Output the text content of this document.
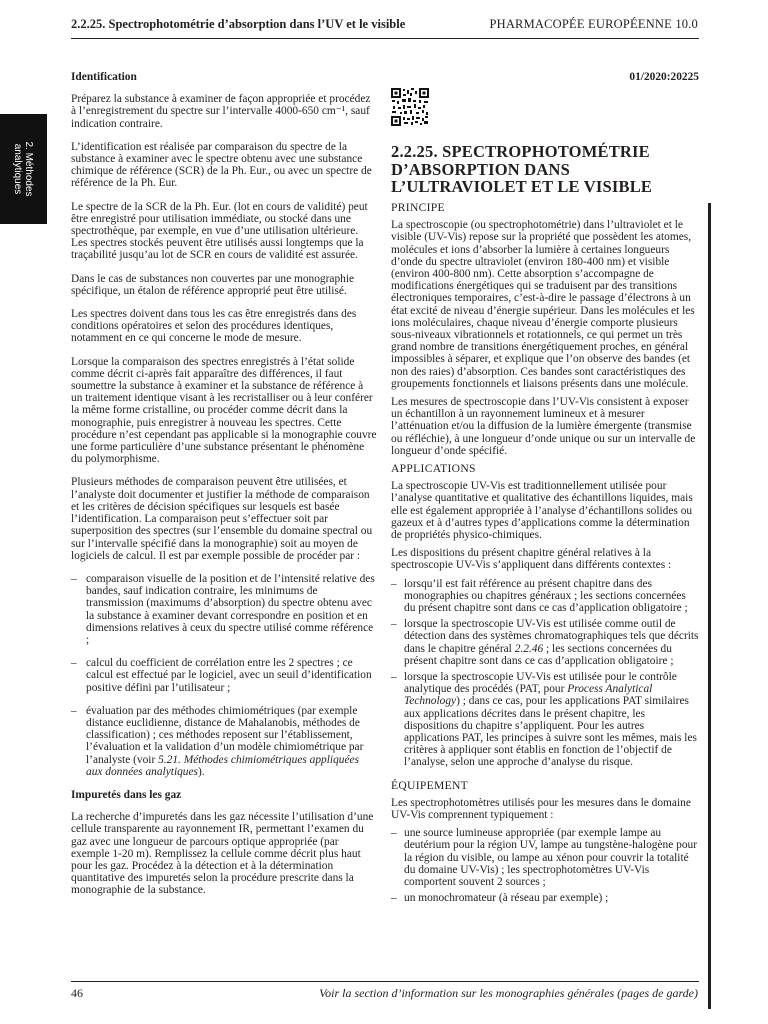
2.2.25. Spectrophotométrie d’absorption dans l’UV et le visible	PHARMACOPÉE EUROPÉENNE 10.0
2. Méthodes analytiques
Identification

Préparez la substance à examiner de façon appropriée et procédez à l’enregistrement du spectre sur l’intervalle 4000-650 cm⁻¹, sauf indication contraire.

L’identification est réalisée par comparaison du spectre de la substance à examiner avec le spectre obtenu avec une substance chimique de référence (SCR) de la Ph. Eur., ou avec un spectre de référence de la Ph. Eur.

Le spectre de la SCR de la Ph. Eur. (lot en cours de validité) peut être enregistré pour utilisation immédiate, ou stocké dans une spectrothèque, par exemple, en vue d’une utilisation ultérieure. Les spectres stockés peuvent être utilisés aussi longtemps que la traçabilité jusqu’au lot de SCR en cours de validité est assurée.

Dans le cas de substances non couvertes par une monographie spécifique, un étalon de référence approprié peut être utilisé.

Les spectres doivent dans tous les cas être enregistrés dans des conditions opératoires et selon des procédures identiques, notamment en ce qui concerne le mode de mesure.

Lorsque la comparaison des spectres enregistrés à l’état solide comme décrit ci-après fait apparaître des différences, il faut soumettre la substance à examiner et la substance de référence à un traitement identique visant à les recristalliser ou à leur conférer la même forme cristalline, ou procéder comme décrit dans la monographie, puis enregistrer à nouveau les spectres. Cette procédure n’est cependant pas applicable si la monographie couvre une forme particulière d’une substance présentant le phénomène du polymorphisme.

Plusieurs méthodes de comparaison peuvent être utilisées, et l’analyste doit documenter et justifier la méthode de comparaison et les critères de décision spécifiques sur lesquels est basée l’identification. La comparaison peut s’effectuer soit par superposition des spectres (sur l’ensemble du domaine spectral ou sur l’intervalle spécifié dans la monographie) soit au moyen de logiciels de calcul. Il est par exemple possible de procéder par :

– comparaison visuelle de la position et de l’intensité relative des bandes, sauf indication contraire, les minimums de transmission (maximums d’absorption) du spectre obtenu avec la substance à examiner devant correspondre en position et en dimensions relatives à ceux du spectre utilisé comme référence ;
– calcul du coefficient de corrélation entre les 2 spectres ; ce calcul est effectué par le logiciel, avec un seuil d’identification positive défini par l’utilisateur ;
– évaluation par des méthodes chimiométriques (par exemple distance euclidienne, distance de Mahalanobis, méthodes de classification) ; ces méthodes reposent sur l’établissement, l’évaluation et la validation d’un modèle chimiométrique par l’analyste (voir 5.21. Méthodes chimiométriques appliquées aux données analytiques).
Impuretés dans les gaz

La recherche d’impuretés dans les gaz nécessite l’utilisation d’une cellule transparente au rayonnement IR, permettant l’examen du gaz avec une longueur de parcours optique appropriée (par exemple 1-20 m). Remplissez la cellule comme décrit plus haut pour les gaz. Procédez à la détection et à la détermination quantitative des impuretés selon la procédure prescrite dans la monographie de la substance.

01/2020:20225
2.2.25. SPECTROPHOTOMÉTRIE D’ABSORPTION DANS L’ULTRAVIOLET ET LE VISIBLE
PRINCIPE

La spectroscopie (ou spectrophotométrie) dans l’ultraviolet et le visible (UV-Vis) repose sur la propriété que possèdent les atomes, molécules et ions d’absorber la lumière à certaines longueurs d’onde du spectre ultraviolet (environ 180-400 nm) et visible (environ 400-800 nm). Cette absorption s’accompagne de modifications énergétiques qui se traduisent par des transitions électroniques temporaires, c’est-à-dire le passage d’électrons à un état excité de niveau d’énergie supérieur. Dans les molécules et les ions moléculaires, chaque niveau d’énergie comporte plusieurs sous-niveaux vibrationnels et rotationnels, ce qui permet un très grand nombre de transitions énergétiquement proches, en général impossibles à séparer, et explique que l’on observe des bandes (et non des raies) d’absorption. Ces bandes sont caractéristiques des groupements fonctionnels et liaisons présents dans une molécule.

Les mesures de spectroscopie dans l’UV-Vis consistent à exposer un échantillon à un rayonnement lumineux et à mesurer l’atténuation et/ou la diffusion de la lumière émergente (transmise ou réfléchie), à une longueur d’onde unique ou sur un intervalle de longueur d’onde spécifié.

APPLICATIONS

La spectroscopie UV-Vis est traditionnellement utilisée pour l’analyse quantitative et qualitative des échantillons liquides, mais elle est également appropriée à l’analyse d’échantillons solides ou gazeux et à d’autres types d’applications comme la détermination de propriétés physico-chimiques.

Les dispositions du présent chapitre général relatives à la spectroscopie UV-Vis s’appliquent dans différents contextes :

– lorsqu’il est fait référence au présent chapitre dans des monographies ou chapitres généraux ; les sections concernées du présent chapitre sont dans ce cas d’application obligatoire ;
– lorsque la spectroscopie UV-Vis est utilisée comme outil de détection dans des systèmes chromatographiques tels que décrits dans le chapitre général 2.2.46 ; les sections concernées du présent chapitre sont dans ce cas d’application obligatoire ;
– lorsque la spectroscopie UV-Vis est utilisée pour le contrôle analytique des procédés (PAT, pour Process Analytical Technology) ; dans ce cas, pour les applications PAT similaires aux applications décrites dans le présent chapitre, les dispositions du chapitre s’appliquent. Pour les autres applications PAT, les principes à suivre sont les mêmes, mais les critères à appliquer sont établis en fonction de l’objectif de l’analyse, selon une approche d’analyse du risque.
ÉQUIPEMENT

Les spectrophotomètres utilisés pour les mesures dans le domaine UV-Vis comprennent typiquement :

– une source lumineuse appropriée (par exemple lampe au deutérium pour la région UV, lampe au tungstène-halogène pour la région du visible, ou lampe au xénon pour couvrir la totalité du domaine UV-Vis) ; les spectrophotomètres UV-Vis comportent souvent 2 sources ;
– un monochromateur (à réseau par exemple) ;
46	Voir la section d’information sur les monographies générales (pages de garde)
